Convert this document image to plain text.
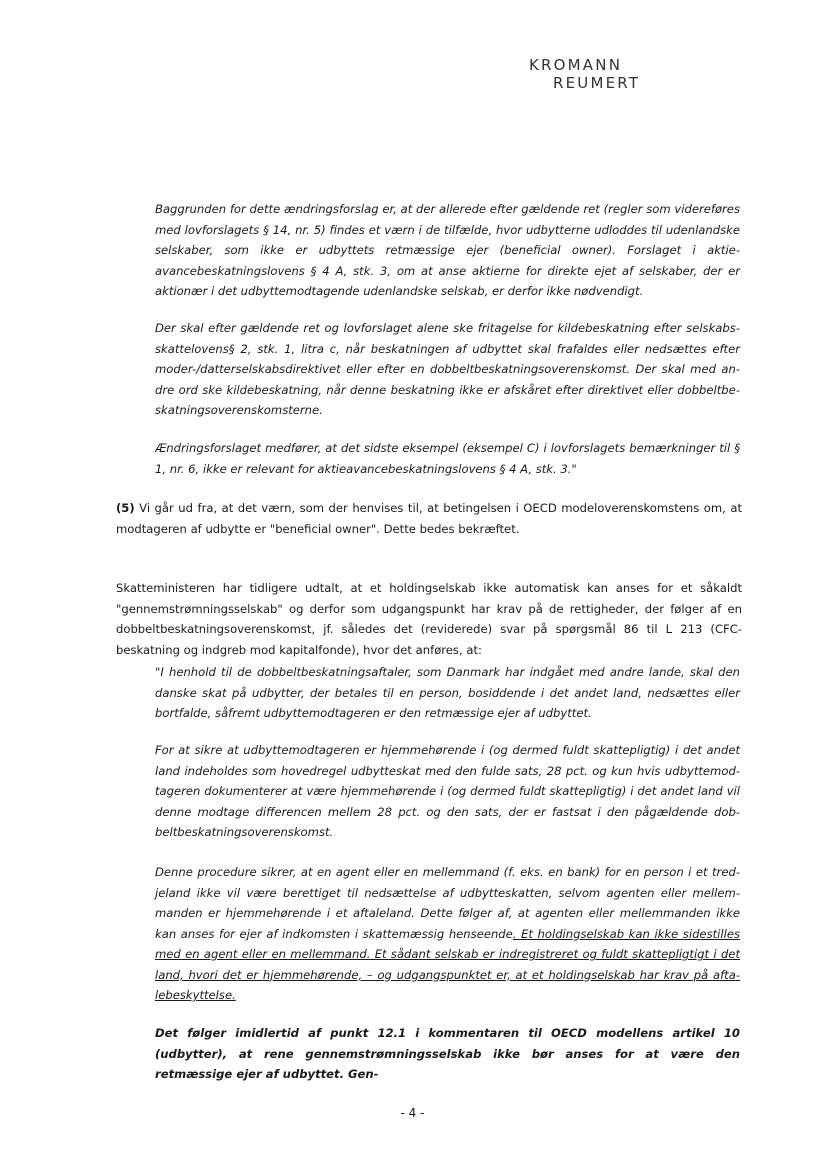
KROMANN
REUMERT

Baggrunden for dette ændringsforslag er, at der allerede efter gældende ret (regler som videreføres med lovforslagets § 14, nr. 5) findes et værn i de tilfælde, hvor udbytterne udloddes til udenlandske selskaber, som ikke er udbyttets retmæssige ejer (beneficial owner). Forslaget i aktieavancebeskatningslovens § 4 A, stk. 3, om at anse aktierne for direkte ejet af selskaber, der er aktionær i det udbyttemodtagende udenlandske selskab, er derfor ikke nødvendigt.

Der skal efter gældende ret og lovforslaget alene ske fritagelse for kildebeskatning efter selskabsskattelovens§ 2, stk. 1, litra c, når beskatningen af udbyttet skal frafaldes eller nedsættes efter moder-/datterselskabsdirektivet eller efter en dobbeltbeskatningsoverenskomst. Der skal med andre ord ske kildebeskatning, når denne beskatning ikke er afskåret efter direktivet eller dobbeltbeskatningsoverenskomsterne.

Ændringsforslaget medfører, at det sidste eksempel (eksempel C) i lovforslagets bemærkninger til § 1, nr. 6, ikke er relevant for aktieavancebeskatningslovens § 4 A, stk. 3."

(5) Vi går ud fra, at det værn, som der henvises til, at betingelsen i OECD modeloverenskomstens om, at modtageren af udbytte er "beneficial owner". Dette bedes bekræftet.

Skatteministeren har tidligere udtalt, at et holdingselskab ikke automatisk kan anses for et såkaldt "gennemstrømningsselskab" og derfor som udgangspunkt har krav på de rettigheder, der følger af en dobbeltbeskatningsoverenskomst, jf. således det (reviderede) svar på spørgsmål 86 til L 213 (CFC-beskatning og indgreb mod kapitalfonde), hvor det anføres, at:

"I henhold til de dobbeltbeskatningsaftaler, som Danmark har indgået med andre lande, skal den danske skat på udbytter, der betales til en person, bosiddende i det andet land, nedsættes eller bortfalde, såfremt udbyttemodtageren er den retmæssige ejer af udbyttet.

For at sikre at udbyttemodtageren er hjemmehørende i (og dermed fuldt skattepligtig) i det andet land indeholdes som hovedregel udbytteskat med den fulde sats, 28 pct. og kun hvis udbyttemodtageren dokumenterer at være hjemmehørende i (og dermed fuldt skattepligtig) i det andet land vil denne modtage differencen mellem 28 pct. og den sats, der er fastsat i den pågældende dobbeltbeskatningsoverenskomst.

Denne procedure sikrer, at en agent eller en mellemmand (f. eks. en bank) for en person i et tredjeland ikke vil være berettiget til nedsættelse af udbytteskatten, selvom agenten eller mellemmanden er hjemmehørende i et aftaleland. Dette følger af, at agenten eller mellemmanden ikke kan anses for ejer af indkomsten i skattemæssig henseende. Et holdingselskab kan ikke sidestilles med en agent eller en mellemmand. Et sådant selskab er indregistreret og fuldt skattepligtigt i det land, hvori det er hjemmehørende, – og udgangspunktet er, at et holdingselskab har krav på aftalebeskyttelse.

Det følger imidlertid af punkt 12.1 i kommentaren til OECD modellens artikel 10 (udbytter), at rene gennemstrømningsselskab ikke bør anses for at være den retmæssige ejer af udbyttet. Gen-

- 4 -
